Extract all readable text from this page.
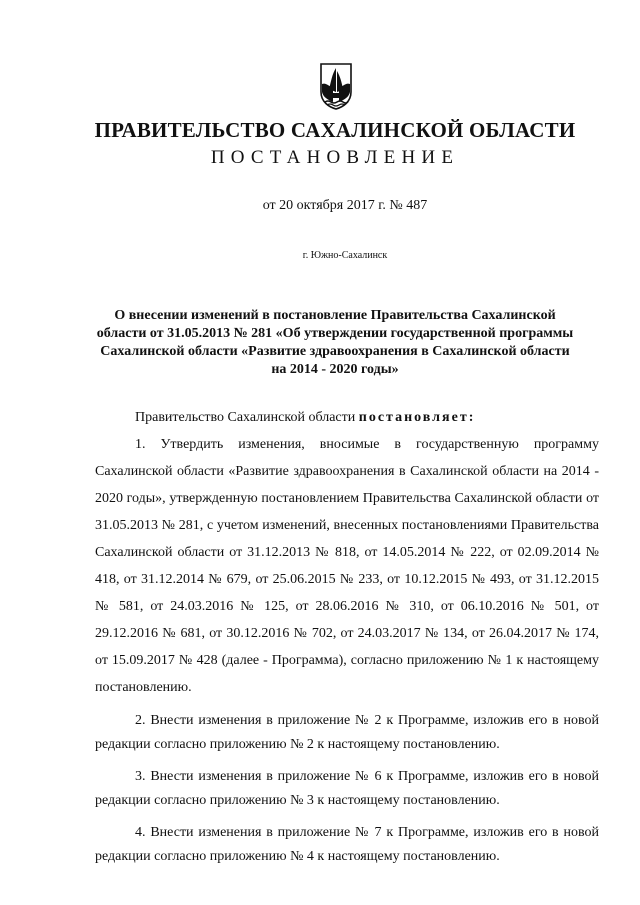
ПРАВИТЕЛЬСТВО САХАЛИНСКОЙ ОБЛАСТИ
ПОСТАНОВЛЕНИЕ
от 20 октября 2017 г. № 487
г. Южно-Сахалинск
О внесении изменений в постановление Правительства Сахалинской области от 31.05.2013 № 281 «Об утверждении государственной программы Сахалинской области «Развитие здравоохранения в Сахалинской области на 2014 - 2020 годы»

Правительство Сахалинской области постановляет:

1. Утвердить изменения, вносимые в государственную программу Сахалинской области «Развитие здравоохранения в Сахалинской области на 2014 - 2020 годы», утвержденную постановлением Правительства Сахалинской области от 31.05.2013 № 281, с учетом изменений, внесенных постановлениями Правительства Сахалинской области от 31.12.2013 № 818, от 14.05.2014 № 222, от 02.09.2014 № 418, от 31.12.2014 № 679, от 25.06.2015 № 233, от 10.12.2015 № 493, от 31.12.2015 № 581, от 24.03.2016 № 125, от 28.06.2016 № 310, от 06.10.2016 № 501, от 29.12.2016 № 681, от 30.12.2016 № 702, от 24.03.2017 № 134, от 26.04.2017 № 174, от 15.09.2017 № 428 (далее - Программа), согласно приложению № 1 к настоящему постановлению.

2. Внести изменения в приложение № 2 к Программе, изложив его в новой редакции согласно приложению № 2 к настоящему постановлению.

3. Внести изменения в приложение № 6 к Программе, изложив его в новой редакции согласно приложению № 3 к настоящему постановлению.

4. Внести изменения в приложение № 7 к Программе, изложив его в новой редакции согласно приложению № 4 к настоящему постановлению.
